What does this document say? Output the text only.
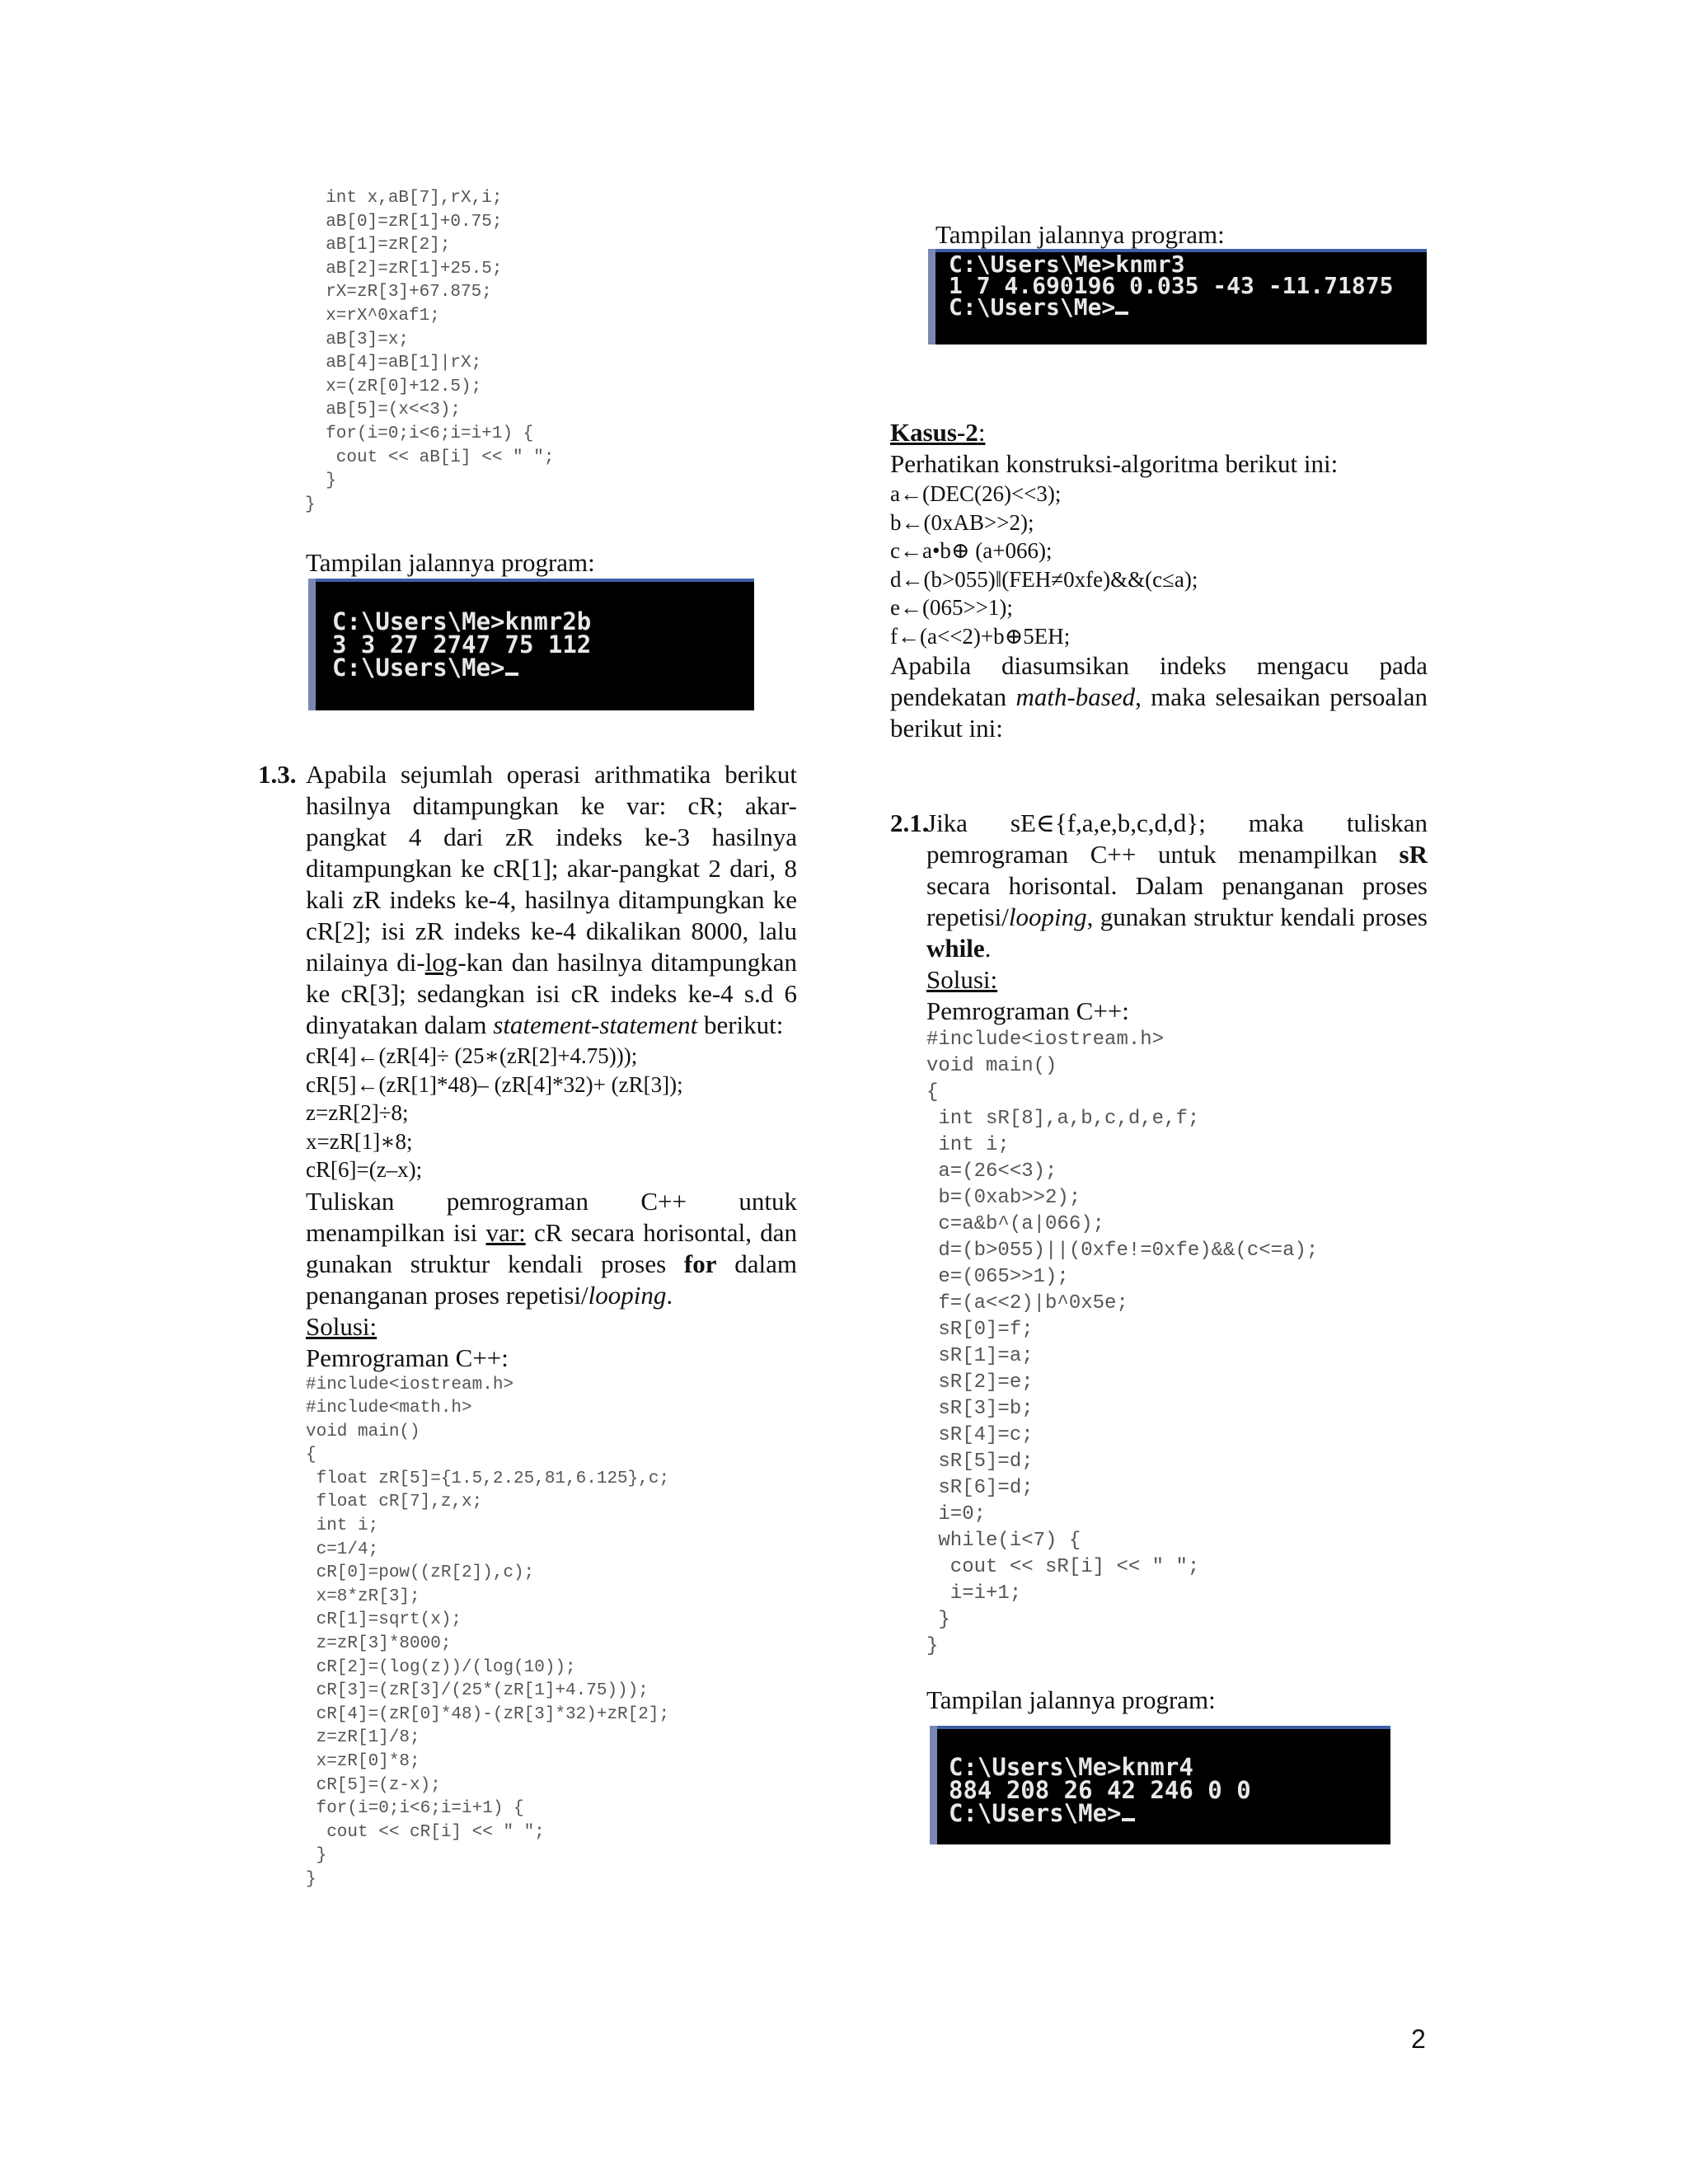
int x,aB[7],rX,i;
aB[0]=zR[1]+0.75;
aB[1]=zR[2];
aB[2]=zR[1]+25.5;
rX=zR[3]+67.875;
x=rX^0xaf1;
aB[3]=x;
aB[4]=aB[1]|rX;
x=(zR[0]+12.5);
aB[5]=(x<<3);
for(i=0;i<6;i=i+1) {
cout << aB[i] << " ";
}
}
Tampilan jalannya program:
C:\Users\Me>knmr2b
3 3 27 2747 75 112
C:\Users\Me>
1.3. Apabila sejumlah operasi arithmatika berikut hasilnya ditampungkan ke var: cR; akar-pangkat 4 dari zR indeks ke-3 hasilnya ditampungkan ke cR[1]; akar-pangkat 2 dari, 8 kali zR indeks ke-4, hasilnya ditampungkan ke cR[2]; isi zR indeks ke-4 dikalikan 8000, lalu nilainya di-log-kan dan hasilnya ditampungkan ke cR[3]; sedangkan isi cR indeks ke-4 s.d 6 dinyatakan dalam statement-statement berikut:

cR[4]←(zR[4]÷ (25∗(zR[2]+4.75)));

cR[5]←(zR[1]*48)– (zR[4]*32)+ (zR[3]);

z=zR[2]÷8;

x=zR[1]∗8;

cR[6]=(z–x);

Tuliskan pemrograman C++ untuk menampilkan isi var: cR secara horisontal, dan gunakan struktur kendali proses for dalam penanganan proses repetisi/looping.

Solusi:

Pemrograman C++:

#include<iostream.h>
#include<math.h>
void main()
{
float zR[5]={1.5,2.25,81,6.125},c;
float cR[7],z,x;
int i;
c=1/4;
cR[0]=pow((zR[2]),c);
x=8*zR[3];
cR[1]=sqrt(x);
z=zR[3]*8000;
cR[2]=(log(z))/(log(10));
cR[3]=(zR[3]/(25*(zR[1]+4.75)));
cR[4]=(zR[0]*48)-(zR[3]*32)+zR[2];
z=zR[1]/8;
x=zR[0]*8;
cR[5]=(z-x);
for(i=0;i<6;i=i+1) {
cout << cR[i] << " ";
}
}
Tampilan jalannya program:
C:\Users\Me>knmr3
1 7 4.690196 0.035 -43 -11.71875
C:\Users\Me>

Kasus-2:

Perhatikan konstruksi-algoritma berikut ini:

a←(DEC(26)<<3);

b←(0xAB>>2);

c←a•b⊕ (a+066);

d←(b>055)‖(FEH≠0xfe)&&(c≤a);

e←(065>>1);

f←(a<<2)+b⊕5EH;

Apabila diasumsikan indeks mengacu pada pendekatan math-based, maka selesaikan persoalan berikut ini:

2.1.

Jika sE∈{f,a,e,b,c,d,d}; maka tuliskan pemrograman C++ untuk menampilkan sR secara horisontal. Dalam penanganan proses repetisi/looping, gunakan struktur kendali proses while.

Solusi:

Pemrograman C++:

#include<iostream.h>
void main()
{
int sR[8],a,b,c,d,e,f;
int i;
a=(26<<3);
b=(0xab>>2);
c=a&b^(a|066);
d=(b>055)||(0xfe!=0xfe)&&(c<=a);
e=(065>>1);
f=(a<<2)|b^0x5e;
sR[0]=f;
sR[1]=a;
sR[2]=e;
sR[3]=b;
sR[4]=c;
sR[5]=d;
sR[6]=d;
i=0;
while(i<7) {
cout << sR[i] << " ";
i=i+1;
}
}
Tampilan jalannya program:
C:\Users\Me>knmr4
884 208 26 42 246 0 0
C:\Users\Me>
2
